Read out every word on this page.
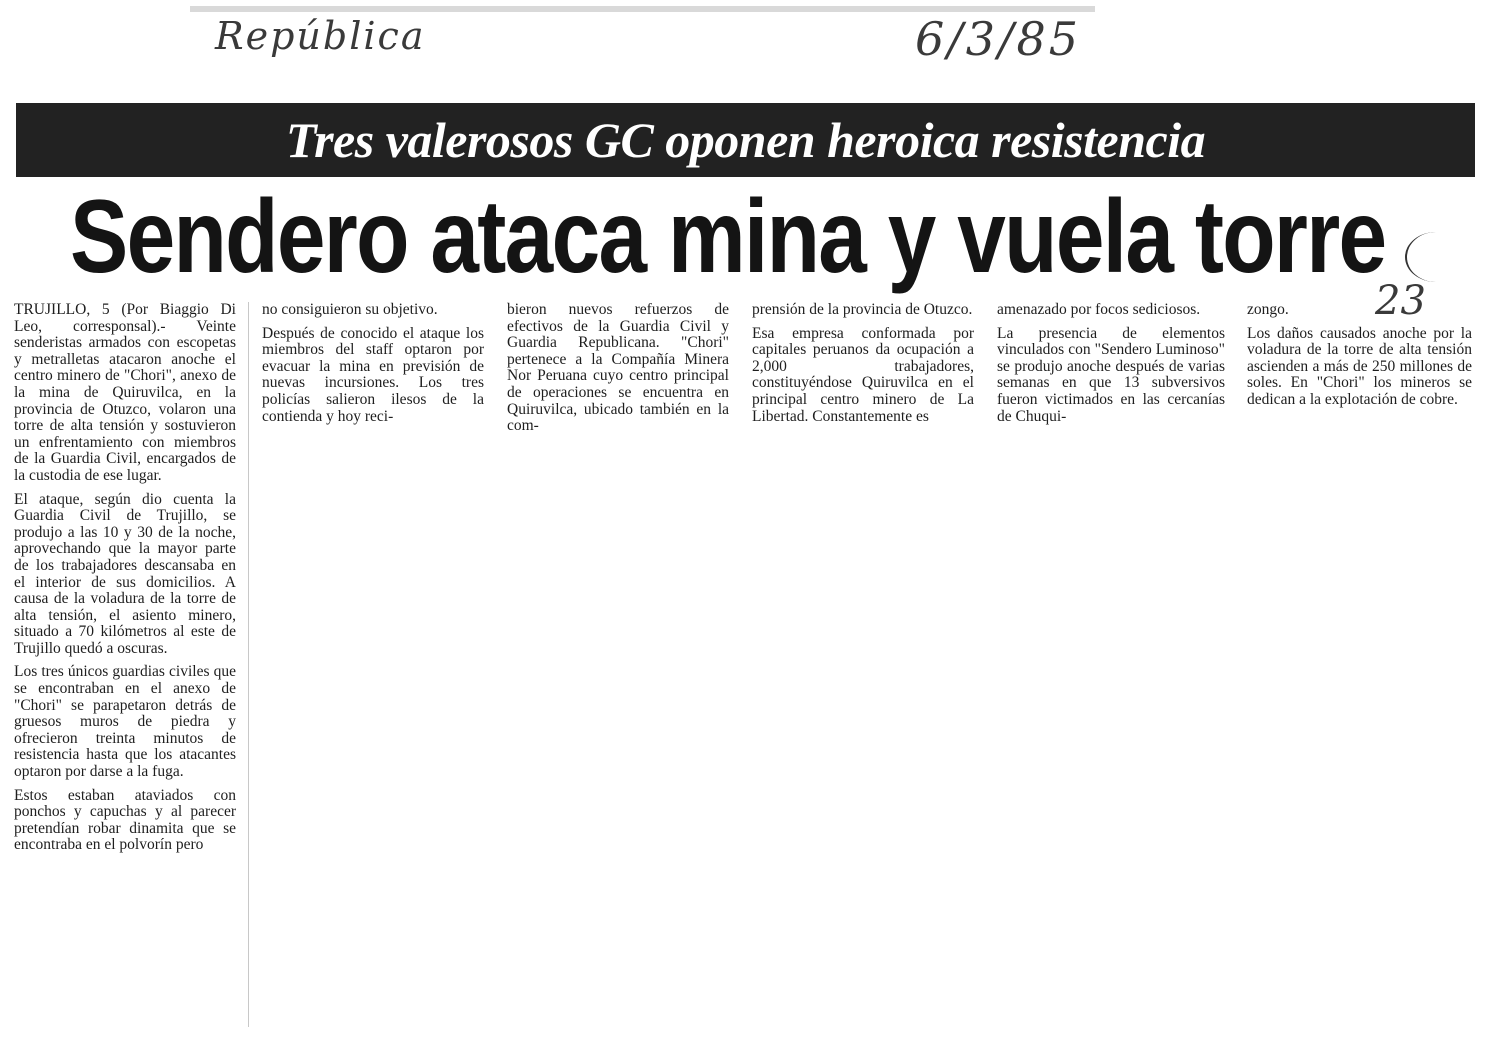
República	6/3/85
23
Tres valerosos GC oponen heroica resistencia
Sendero ataca mina y vuela torre

TRUJILLO, 5 (Por Biaggio Di Leo, corresponsal).- Veinte senderistas armados con escopetas y metralletas atacaron anoche el centro minero de "Chori", anexo de la mina de Quiruvilca, en la provincia de Otuzco, volaron una torre de alta tensión y sostuvieron un enfrentamiento con miembros de la Guardia Civil, encargados de la custodia de ese lugar.

El ataque, según dio cuenta la Guardia Civil de Trujillo, se produjo a las 10 y 30 de la noche, aprovechando que la mayor parte de los trabajadores descansaba en el interior de sus domicilios. A causa de la voladura de la torre de alta tensión, el asiento minero, situado a 70 kilómetros al este de Trujillo quedó a oscuras.

Los tres únicos guardias civiles que se encontraban en el anexo de "Chori" se parapetaron detrás de gruesos muros de piedra y ofrecieron treinta minutos de resistencia hasta que los atacantes optaron por darse a la fuga.

Estos estaban ataviados con ponchos y capuchas y al parecer pretendían robar dinamita que se encontraba en el polvorín pero

no consiguieron su objetivo.

Después de conocido el ataque los miembros del staff optaron por evacuar la mina en previsión de nuevas incursiones. Los tres policías salieron ilesos de la contienda y hoy reci-

bieron nuevos refuerzos de efectivos de la Guardia Civil y Guardia Republicana. "Chori" pertenece a la Compañía Minera Nor Peruana cuyo centro principal de operaciones se encuentra en Quiruvilca, ubicado también en la com-

prensión de la provincia de Otuzco.

Esa empresa conformada por capitales peruanos da ocupación a 2,000 trabajadores, constituyéndose Quiruvilca en el principal centro minero de La Libertad. Constantemente es

amenazado por focos sediciosos.

La presencia de elementos vinculados con "Sendero Luminoso" se produjo anoche después de varias semanas en que 13 subversivos fueron victimados en las cercanías de Chuqui-

zongo.

Los daños causados anoche por la voladura de la torre de alta tensión ascienden a más de 250 millones de soles. En "Chori" los mineros se dedican a la explotación de cobre.
